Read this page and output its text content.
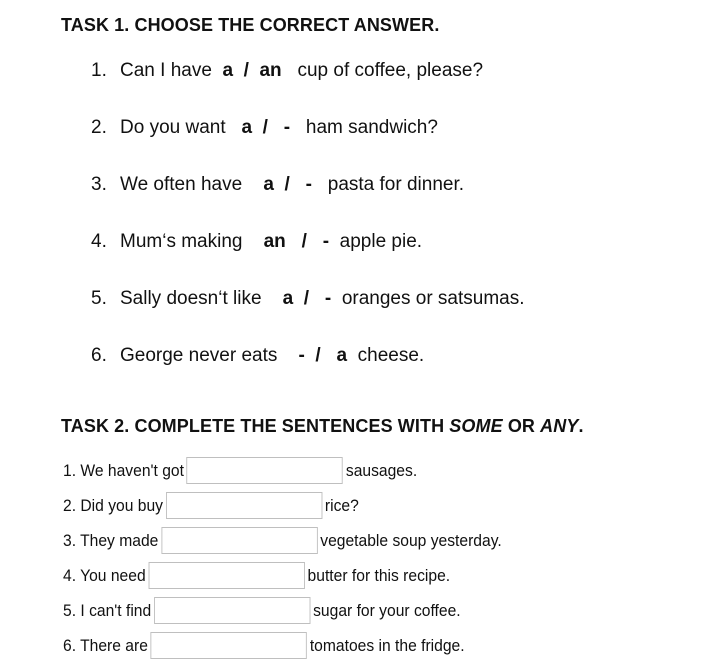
TASK 1. CHOOSE THE CORRECT ANSWER.
1. Can I have a / an cup of coffee, please?
2. Do you want a / - ham sandwich?
3. We often have a / - pasta for dinner.
4. Mum‘s making an / - apple pie.
5. Sally doesn‘t like a / - oranges or satsumas.
6. George never eats - / a cheese.
TASK 2. COMPLETE THE SENTENCES WITH SOME OR ANY.
1. We haven't got	sausages.
2. Did you buy	rice?
3. They made	vegetable soup yesterday.
4. You need	butter for this recipe.
5. I can't find	sugar for your coffee.
6. There are	tomatoes in the fridge.
